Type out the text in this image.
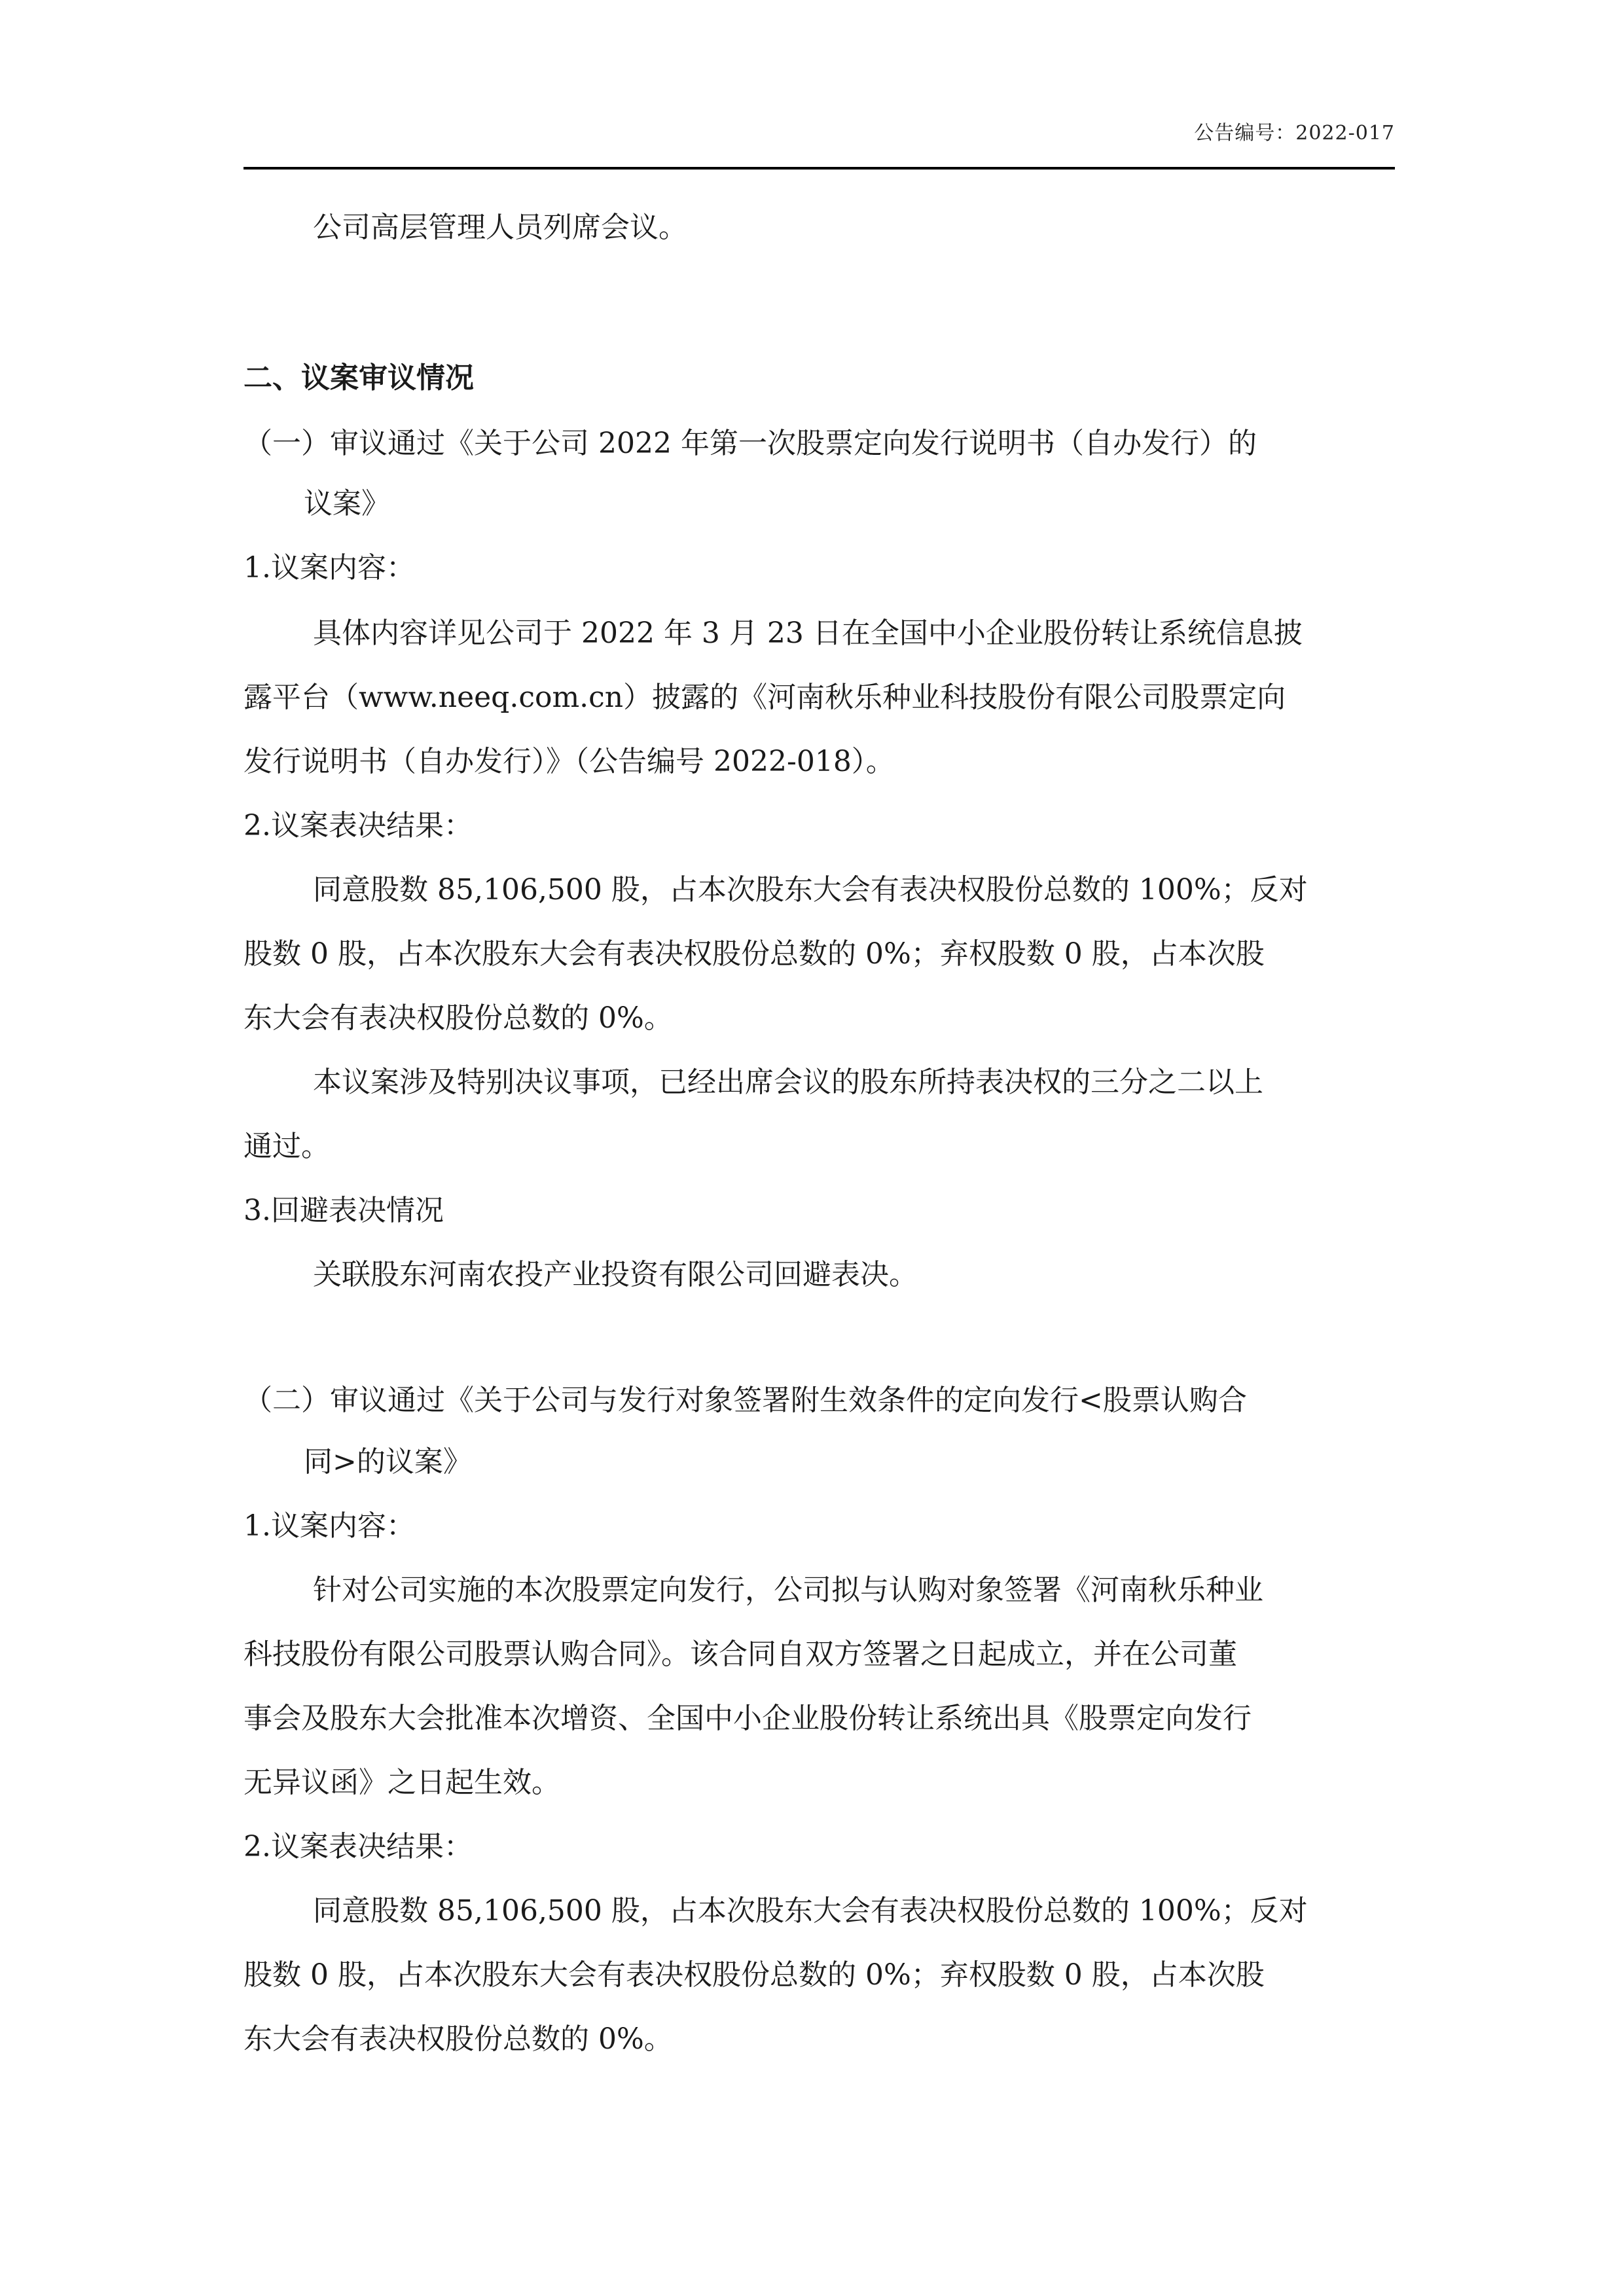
公告编号：2022-017
公司高层管理人员列席会议。
二、议案审议情况
（一）审议通过《关于公司 2022 年第一次股票定向发行说明书（自办发行）的
议案》
1.议案内容：
具体内容详见公司于 2022 年 3 月 23 日在全国中小企业股份转让系统信息披
露平台（www.neeq.com.cn）披露的《河南秋乐种业科技股份有限公司股票定向
发行说明书（自办发行）》（公告编号 2022-018）。
2.议案表决结果：
同意股数 85,106,500 股，占本次股东大会有表决权股份总数的 100%；反对
股数 0 股，占本次股东大会有表决权股份总数的 0%；弃权股数 0 股，占本次股
东大会有表决权股份总数的 0%。
本议案涉及特别决议事项，已经出席会议的股东所持表决权的三分之二以上
通过。
3.回避表决情况
关联股东河南农投产业投资有限公司回避表决。
（二）审议通过《关于公司与发行对象签署附生效条件的定向发行<股票认购合
同>的议案》
1.议案内容：
针对公司实施的本次股票定向发行，公司拟与认购对象签署《河南秋乐种业
科技股份有限公司股票认购合同》。该合同自双方签署之日起成立，并在公司董
事会及股东大会批准本次增资、全国中小企业股份转让系统出具《股票定向发行
无异议函》之日起生效。
2.议案表决结果：
同意股数 85,106,500 股，占本次股东大会有表决权股份总数的 100%；反对
股数 0 股，占本次股东大会有表决权股份总数的 0%；弃权股数 0 股，占本次股
东大会有表决权股份总数的 0%。
